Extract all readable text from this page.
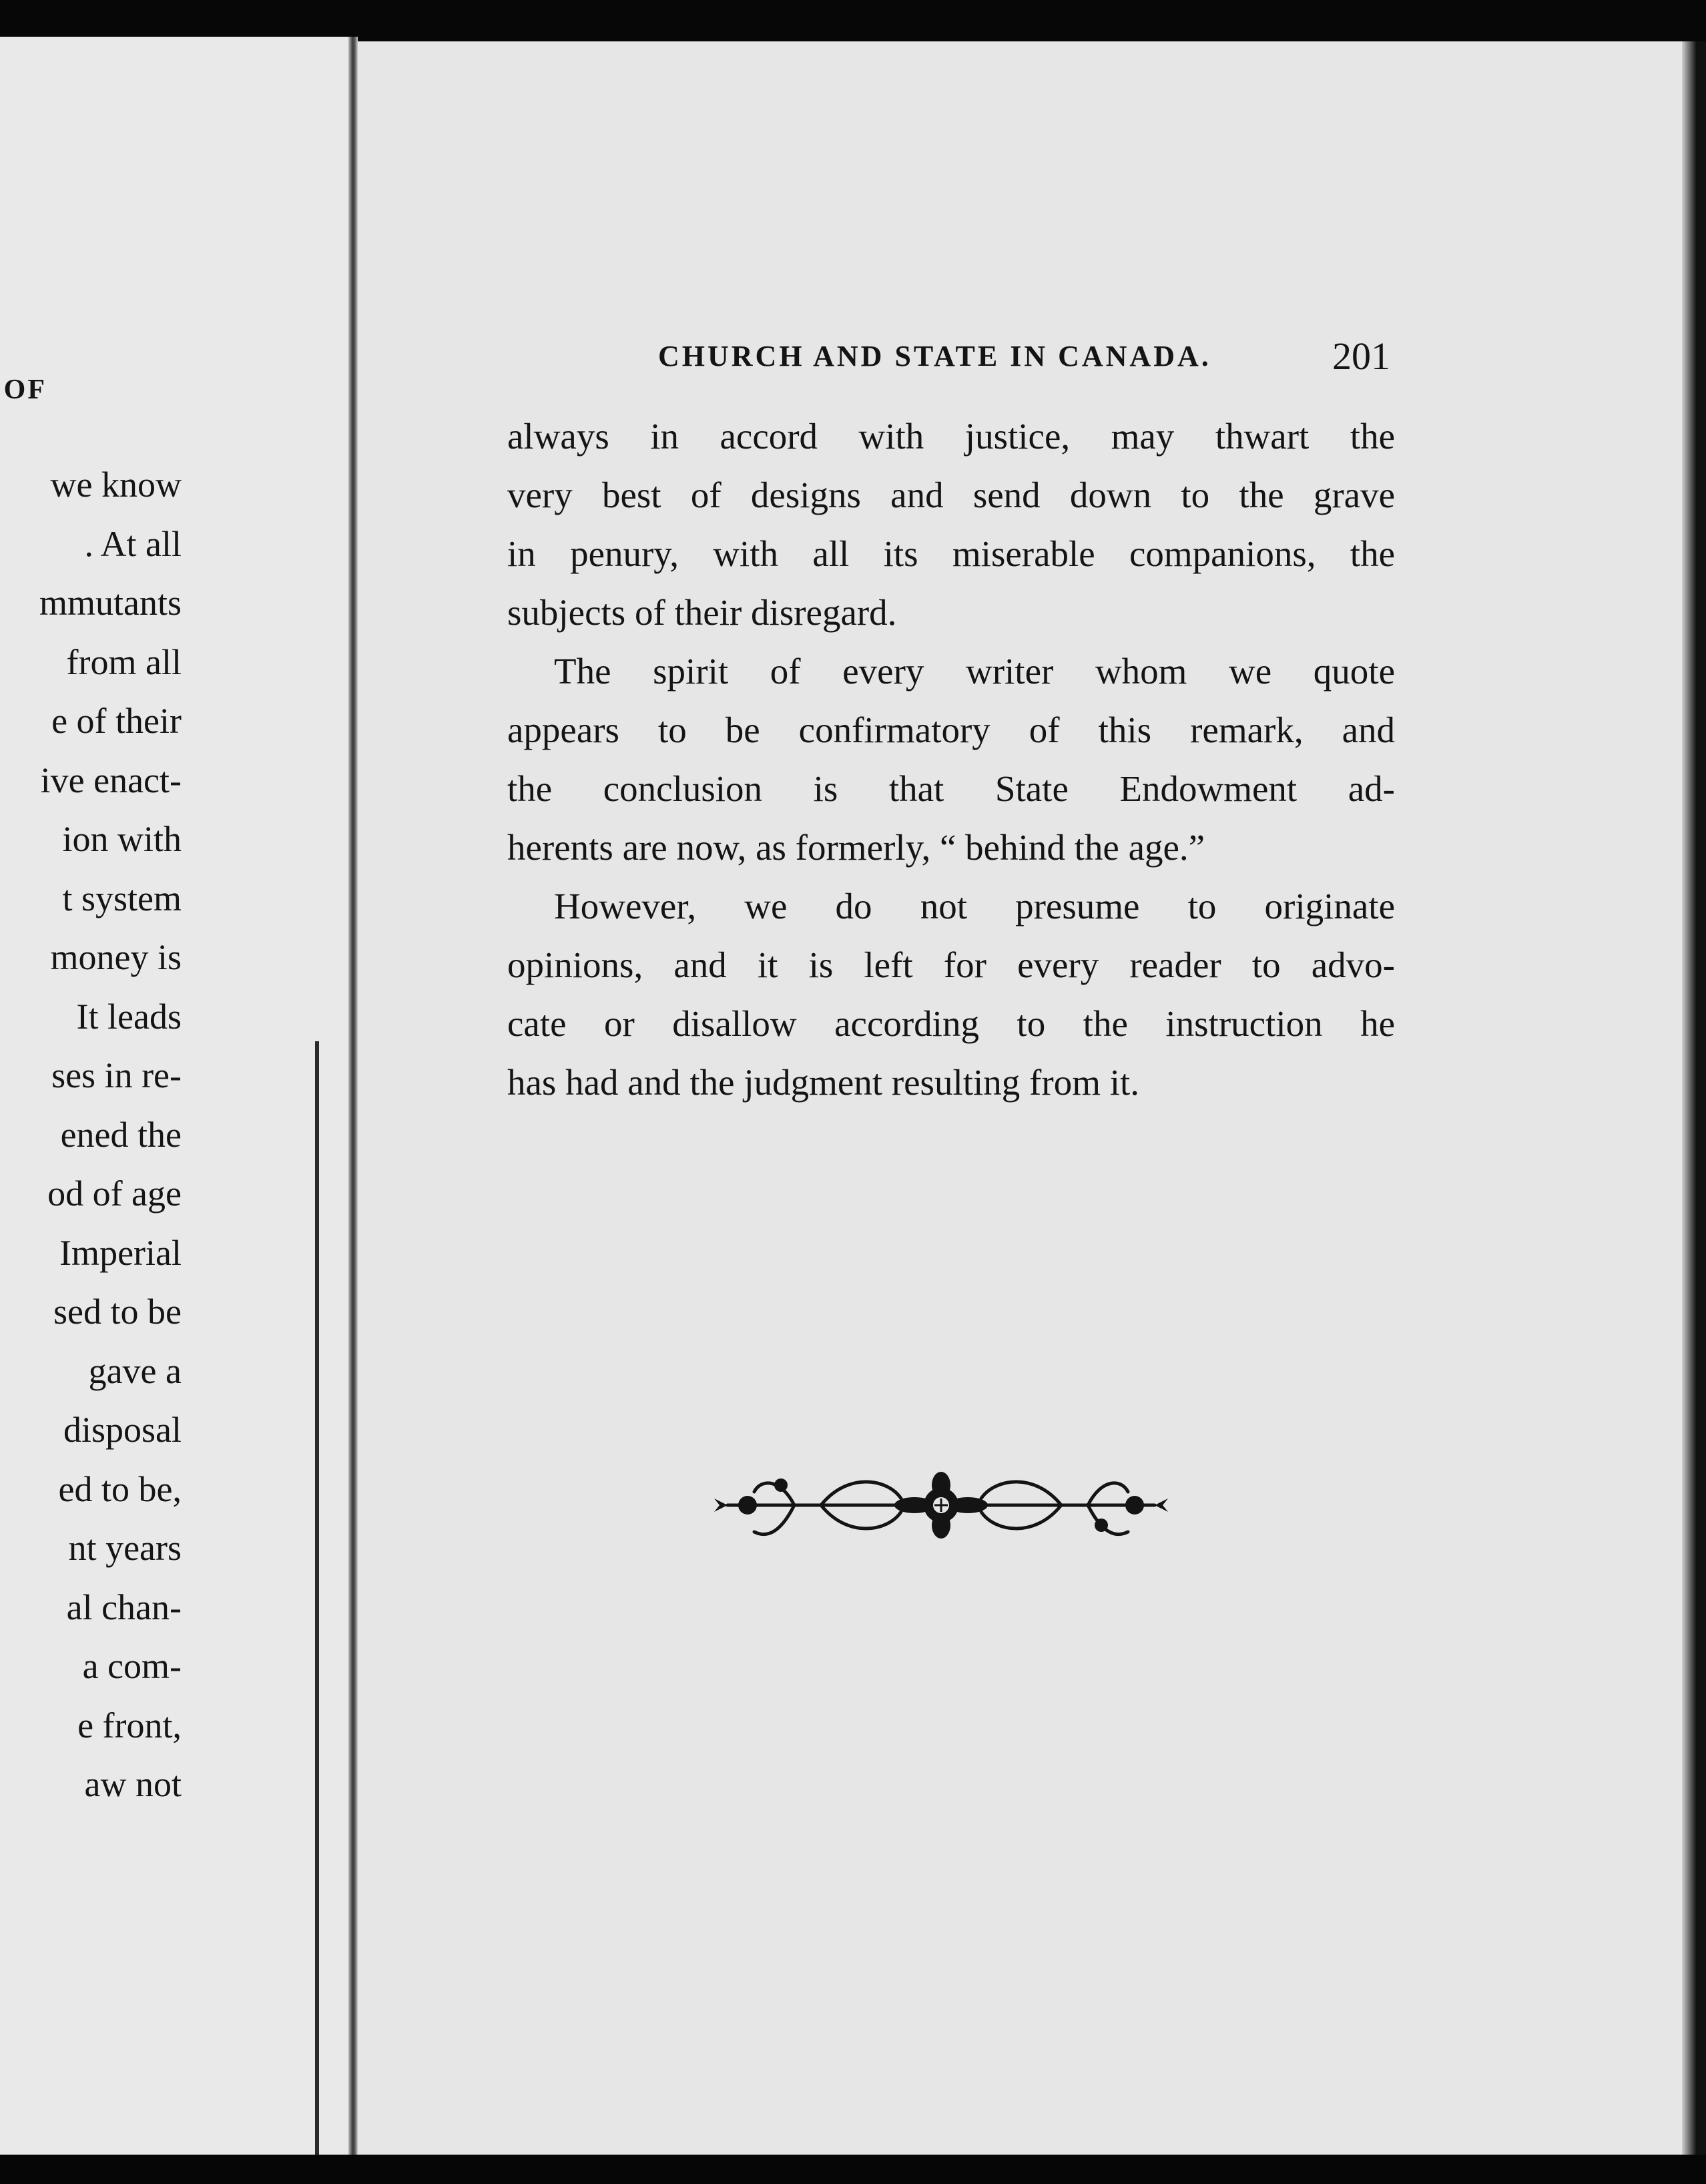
OF
we know
. At all
mmutants
from all
e of their
ive enact-
ion with
t system
money is
It leads
ses in re-
ened the
od of age
Imperial
sed to be
gave a
disposal
ed to be,
nt years
al chan-
a com-
e front,
aw not
CHURCH AND STATE IN CANADA.	201
always in accord with justice, may thwart the
very best of designs and send down to the grave
in penury, with all its miserable companions, the
subjects of their disregard.
The spirit of every writer whom we quote
appears to be confirmatory of this remark, and
the conclusion is that State Endowment ad-
herents are now, as formerly, “ behind the age.”
However, we do not presume to originate
opinions, and it is left for every reader to advo-
cate or disallow according to the instruction he
has had and the judgment resulting from it.
